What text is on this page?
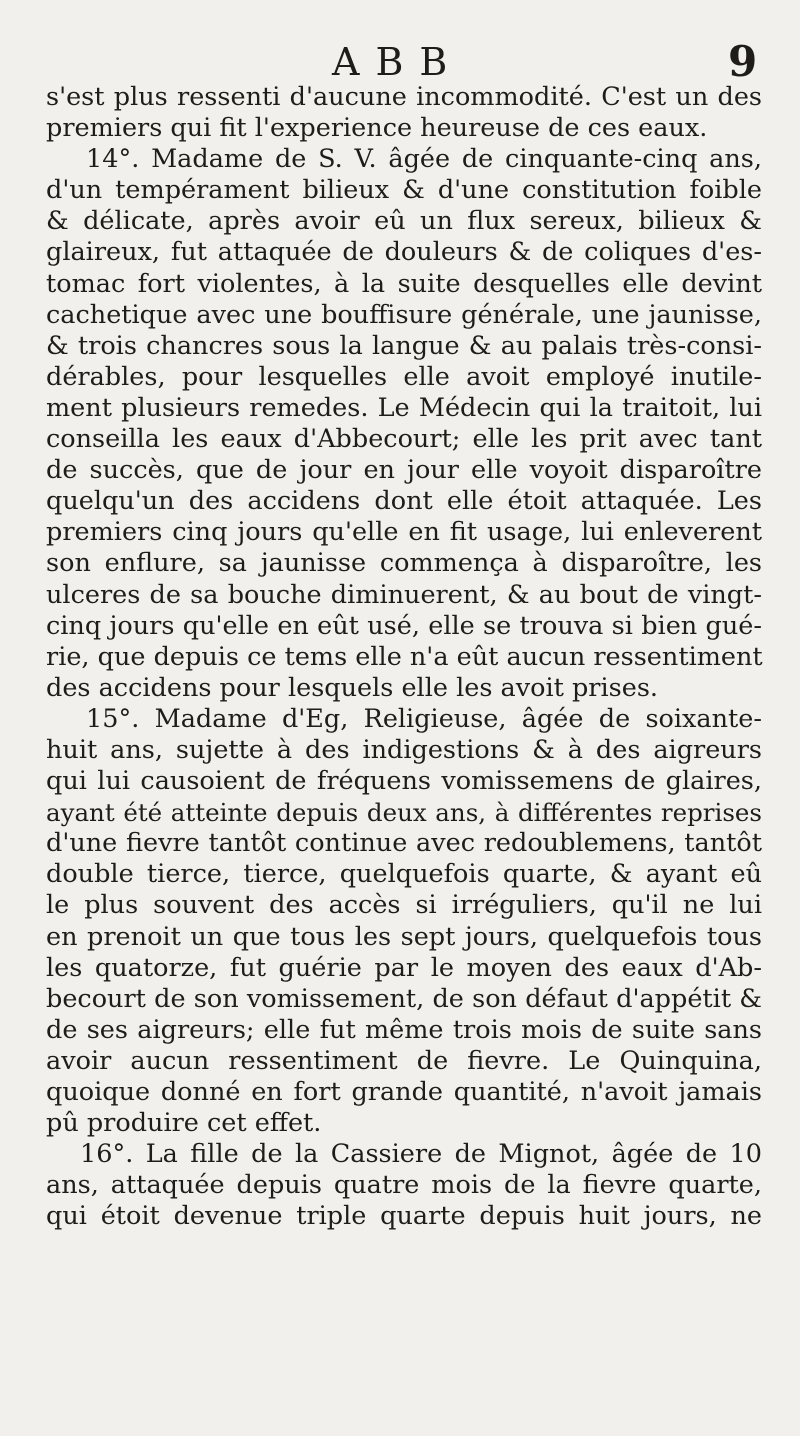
ABB	9
s'est plus ressenti d'aucune incommodité. C'est un des
premiers qui fit l'experience heureuse de ces eaux.
14°. Madame de S. V. âgée de cinquante-cinq ans,
d'un tempérament bilieux & d'une constitution foible
& délicate, après avoir eû un flux sereux, bilieux &
glaireux, fut attaquée de douleurs & de coliques d'es-
tomac fort violentes, à la suite desquelles elle devint
cachetique avec une bouffisure générale, une jaunisse,
& trois chancres sous la langue & au palais très-consi-
dérables, pour lesquelles elle avoit employé inutile-
ment plusieurs remedes. Le Médecin qui la traitoit, lui
conseilla les eaux d'Abbecourt; elle les prit avec tant
de succès, que de jour en jour elle voyoit disparoître
quelqu'un des accidens dont elle étoit attaquée. Les
premiers cinq jours qu'elle en fit usage, lui enleverent
son enflure, sa jaunisse commença à disparoître, les
ulceres de sa bouche diminuerent, & au bout de vingt-
cinq jours qu'elle en eût usé, elle se trouva si bien gué-
rie, que depuis ce tems elle n'a eût aucun ressentiment
des accidens pour lesquels elle les avoit prises.
15°. Madame d'Eg, Religieuse, âgée de soixante-
huit ans, sujette à des indigestions & à des aigreurs
qui lui causoient de fréquens vomissemens de glaires,
ayant été atteinte depuis deux ans, à différentes reprises
d'une fievre tantôt continue avec redoublemens, tantôt
double tierce, tierce, quelquefois quarte, & ayant eû
le plus souvent des accès si irréguliers, qu'il ne lui
en prenoit un que tous les sept jours, quelquefois tous
les quatorze, fut guérie par le moyen des eaux d'Ab-
becourt de son vomissement, de son défaut d'appétit &
de ses aigreurs; elle fut même trois mois de suite sans
avoir aucun ressentiment de fievre. Le Quinquina,
quoique donné en fort grande quantité, n'avoit jamais
pû produire cet effet.
16°. La fille de la Cassiere de Mignot, âgée de 10
ans, attaquée depuis quatre mois de la fievre quarte,
qui étoit devenue triple quarte depuis huit jours, ne
